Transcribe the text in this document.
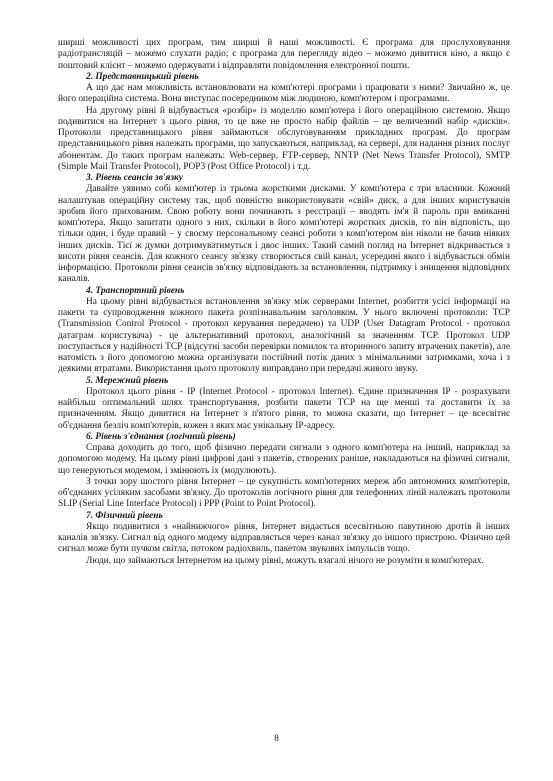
ширші можливості цих програм, тим ширші й наші можливості. Є програма для прослуховування радіотрансляцій – можемо слухати радіо; є програма для перегляду відео – можемо дивитися кіно, а якщо є поштовий клієнт – можемо одержувати і відправляти повідомлення електронної пошти.

2. Представницький рівень

А що дає нам можливість встановлювати на комп'ютері програми і працювати з ними? Звичайно ж, це його операційна система. Вона виступає посередником між людиною, комп'ютером і програмами.

На другому рівні й відбувається «розбір» із моделлю комп'ютера і його операційною системою. Якщо подивитися на Інтернет з цього рівня, то це вже не просто набір файлів – це величезний набір «дисків». Протоколи представницького рівня займаються обслуговуванням прикладних програм. До програм представницького рівня належать програми, що запускаються, наприклад, на сервері, для надання різних послуг абонентам. До таких програм належать: Web-сервер, FTP-сервер, NNTP (Net News Transfer Protocol), SMTP (Simple Mail Transfer Protocol), POP3 (Post Office Protocol) і т.д.

3. Рівень сеансів зв'язку

Давайте уявимо собі комп'ютер із трьома жорсткими дисками. У комп'ютера є три власники. Кожний налаштував операційну систему так, щоб повністю використовувати «свій» диск, а для інших користувачів зробив його прихованим. Свою роботу вони починають з реєстрації – вводять ім'я й пароль при вмиканні комп'ютера. Якщо запитати одного з них, скільки в його комп'ютері жорстких дисків, то він відповість, що тільки один, і буде правий – у своєму персональному сеансі роботи з комп'ютером він ніколи не бачив ніяких інших дисків. Тієї ж думки дотримуватимуться і двоє інших. Такий самий погляд на Інтернет відкривається з висоти рівня сеансів. Для кожного сеансу зв'язку створюється свій канал, усередині якого і відбувається обмін інформацією. Протоколи рівня сеансів зв'язку відповідають за встановлення, підтримку і знищення відповідних каналів.

4. Транспортний рівень

На цьому рівні відбувається встановлення зв'язку між серверами Internet, розбиття усієї інформації на пакети та супроводження кожного пакета розпізнавальним заголовком. У нього включені протоколи: TCP (Transmission Control Protocol - протокол керування передачею) та UDP (User Datagram Protocol - протокол датаграм користувача) - це альтернативний протокол, аналогічний за значенням TCP. Протокол UDP поступається у надійності TCP (відсутні засоби перевірки помилок та вторинного запиту втрачених пакетів), але натомість з його допомогою можна організувати постійний потік даних з мінімальними затримками, хоча і з деякими втратами. Використання цього протоколу виправдано при передачі живого звуку.

5. Мережний рівень

Протокол цього рівня - IP (Internet Protocol - протокол Internet). Єдине призначення IP - розрахувати найбільш оптимальний шлях транспортування, розбити пакети TCP на ще менші та доставити їх за призначенням. Якщо дивитися на Інтернет з п'ятого рівня, то можна сказати, що Інтернет – це всесвітнє об'єднання безліч комп'ютерів, кожен з яких має унікальну IP-адресу.

6. Рівень з'єднання (логічний рівень)

Справа доходить до того, щоб фізично передати сигнали з одного комп'ютера на інший, наприклад за допомогою модему. На цьому рівні цифрові дані з пакетів, створених раніше, накладаються на фізичні сигнали, що генеруються модемом, і змінюють їх (модулюють).

З точки зору шостого рівня Інтернет – це сукупність комп'ютерних мереж або автономних комп'ютерів, об'єднаних усіляким засобами зв'язку. До протоколів логічного рівня для телефонних ліній належать протоколи SLIP (Serial Line Interface Protocol) і PPP (Point to Point Protocol).

7. Фізичний рівень

Якщо подивитися з «найнижчого» рівня, Інтернет видається всесвітньою павутиною дротів й інших каналів зв'язку. Сигнал від одного модему відправляється через канал зв'язку до іншого пристрою. Фізично цей сигнал може бути пучком світла, потоком радіохвиль, пакетом звукових імпульсів тощо.

Люди, що займаються Інтернетом на цьому рівні, можуть взагалі нічого не розуміти в комп'ютерах.

8
